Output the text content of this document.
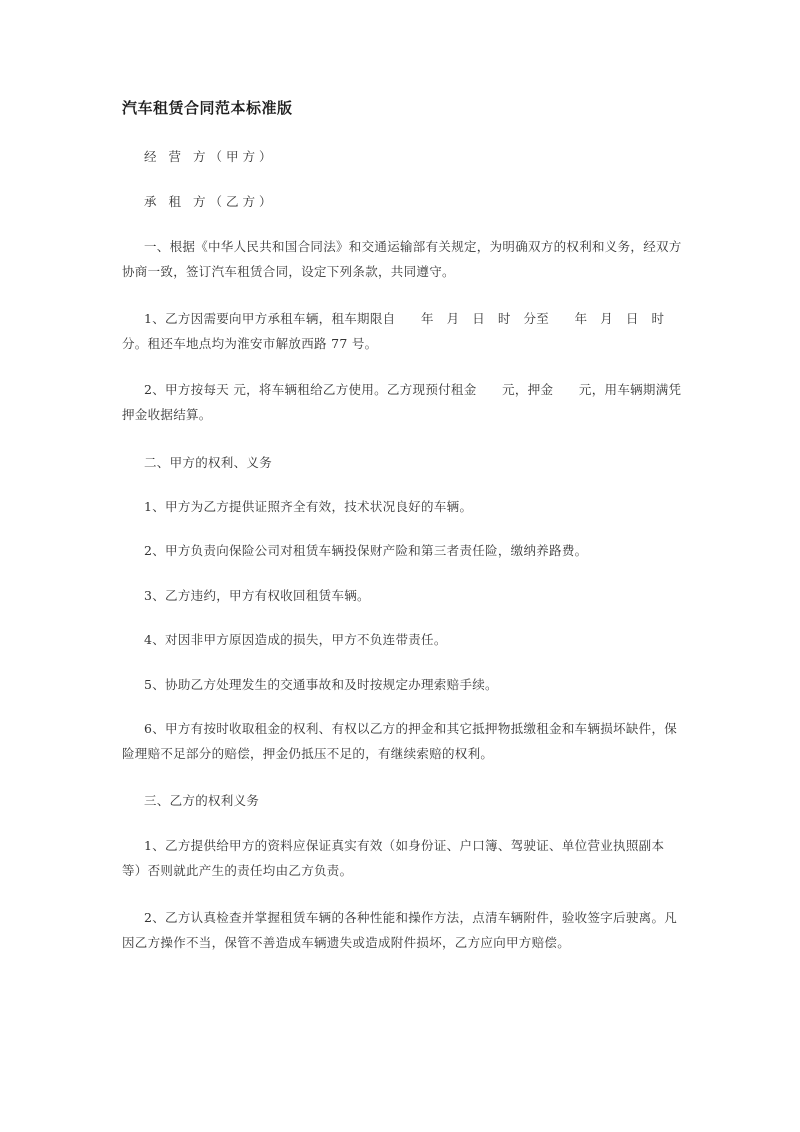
汽车租赁合同范本标准版
经 营 方（甲方）
承 租 方（乙方）
一、根据《中华人民共和国合同法》和交通运输部有关规定，为明确双方的权利和义务，经双方协商一致，签订汽车租赁合同，设定下列条款，共同遵守。
1、乙方因需要向甲方承租车辆，租车期限自　　年　月　日　时　分至　　年　月　日　时　分。租还车地点均为淮安市解放西路 77 号。
2、甲方按每天 元，将车辆租给乙方使用。乙方现预付租金　　元，押金　　元，用车辆期满凭押金收据结算。
二、甲方的权利、义务
1、甲方为乙方提供证照齐全有效，技术状况良好的车辆。
2、甲方负责向保险公司对租赁车辆投保财产险和第三者责任险，缴纳养路费。
3、乙方违约，甲方有权收回租赁车辆。
4、对因非甲方原因造成的损失，甲方不负连带责任。
5、协助乙方处理发生的交通事故和及时按规定办理索赔手续。
6、甲方有按时收取租金的权利、有权以乙方的押金和其它抵押物抵缴租金和车辆损坏缺件，保险理赔不足部分的赔偿，押金仍抵压不足的，有继续索赔的权利。
三、乙方的权利义务
1、乙方提供给甲方的资料应保证真实有效（如身份证、户口簿、驾驶证、单位营业执照副本等）否则就此产生的责任均由乙方负责。
2、乙方认真检查并掌握租赁车辆的各种性能和操作方法，点清车辆附件，验收签字后驶离。凡因乙方操作不当，保管不善造成车辆遗失或造成附件损坏，乙方应向甲方赔偿。
